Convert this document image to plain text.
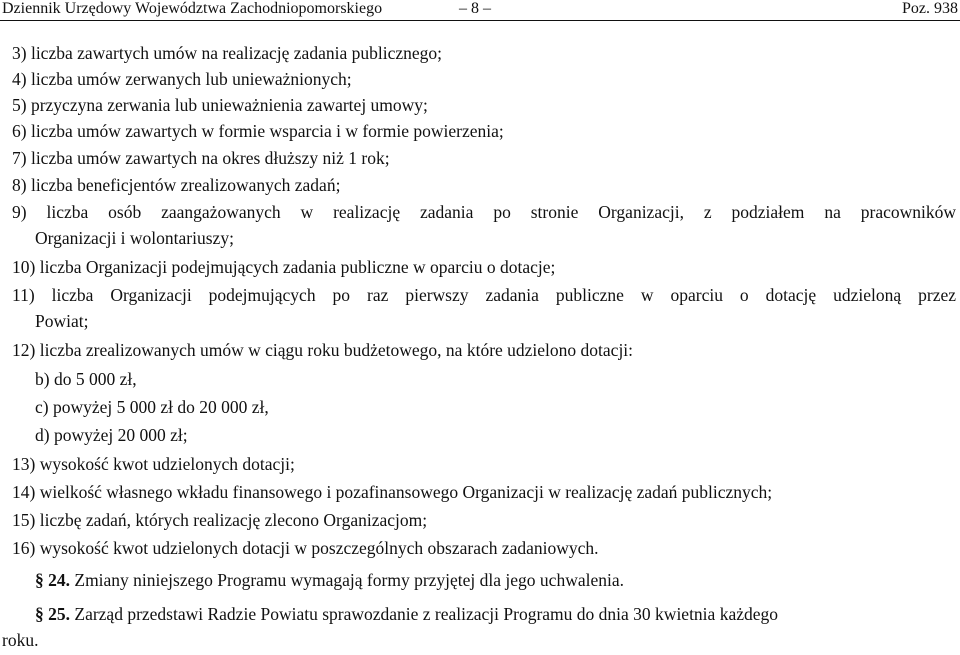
Dziennik Urzędowy Województwa Zachodniopomorskiego	– 8 –	Poz. 938
3) liczba zawartych umów na realizację zadania publicznego;
4) liczba umów zerwanych lub unieważnionych;
5) przyczyna zerwania lub unieważnienia zawartej umowy;
6) liczba umów zawartych w formie wsparcia i w formie powierzenia;
7) liczba umów zawartych na okres dłuższy niż 1 rok;
8) liczba beneficjentów zrealizowanych zadań;
9) liczba osób zaangażowanych w realizację zadania po stronie Organizacji, z podziałem na pracowników
Organizacji i wolontariuszy;
10) liczba Organizacji podejmujących zadania publiczne w oparciu o dotacje;
11) liczba Organizacji podejmujących po raz pierwszy zadania publiczne w oparciu o dotację udzieloną przez
Powiat;
12) liczba zrealizowanych umów w ciągu roku budżetowego, na które udzielono dotacji:
b) do 5 000 zł,
c) powyżej 5 000 zł do 20 000 zł,
d) powyżej 20 000 zł;
13) wysokość kwot udzielonych dotacji;
14) wielkość własnego wkładu finansowego i pozafinansowego Organizacji w realizację zadań publicznych;
15) liczbę zadań, których realizację zlecono Organizacjom;
16) wysokość kwot udzielonych dotacji w poszczególnych obszarach zadaniowych.
§ 24. Zmiany niniejszego Programu wymagają formy przyjętej dla jego uchwalenia.
§ 25. Zarząd przedstawi Radzie Powiatu sprawozdanie z realizacji Programu do dnia 30 kwietnia każdego
roku.
